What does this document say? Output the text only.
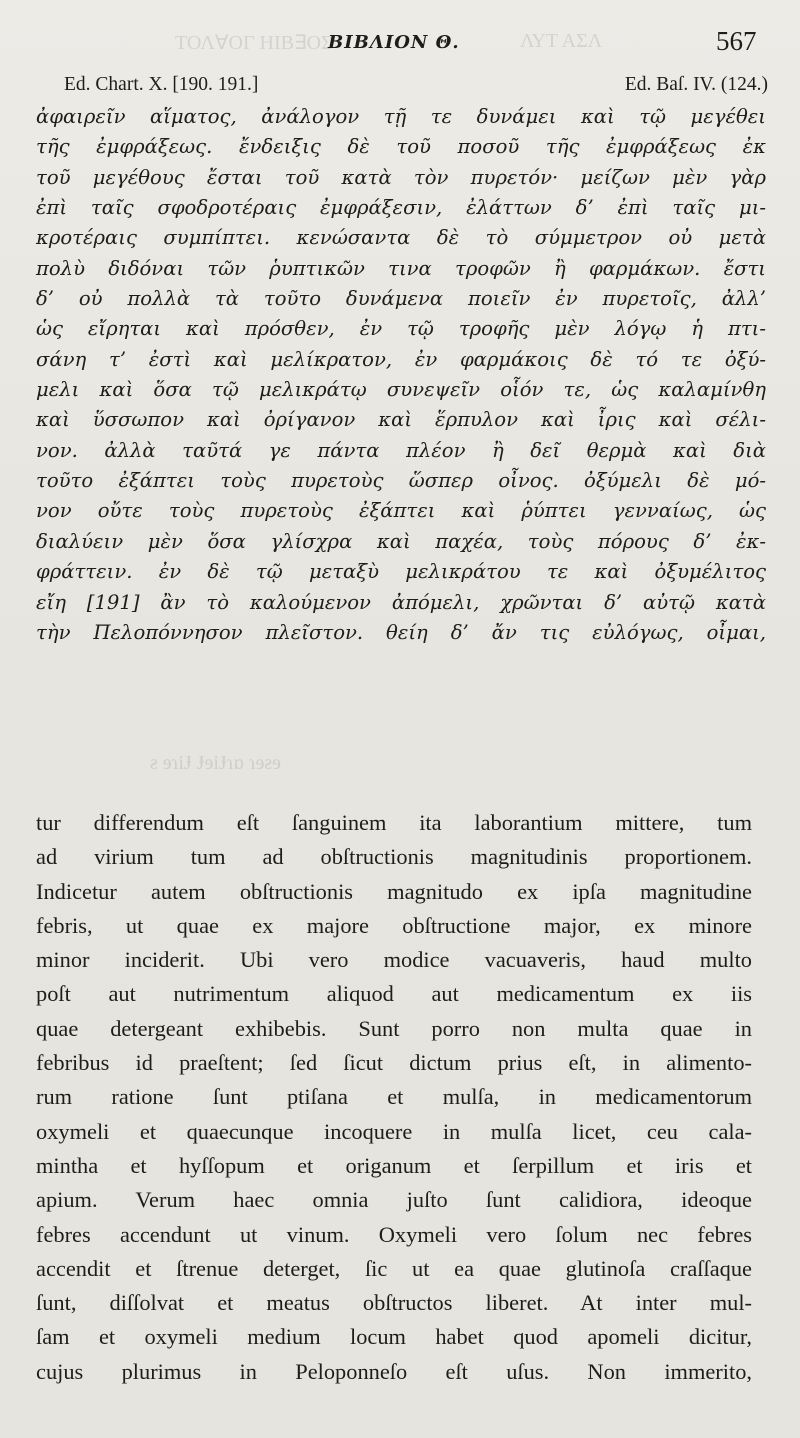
ΤΟΛ∀ΟΓ ΗΙΒ∃ΟΣ	ΛΥΤ ΑΣΛ
ƨ ɘɿiɈ ɈɘiɈɿɒ ɿɘƨɘ
ΒΙΒΛΙΟΝ Θ.	567
Ed. Chart. X. [190. 191.]	Ed. Baſ. IV. (124.)
ἀφαιρεῖν αἵματος, ἀνάλογον τῇ τε δυνάμει καὶ τῷ μεγέθει
τῆς ἐμφράξεως. ἔνδειξις δὲ τοῦ ποσοῦ τῆς ἐμφράξεως ἐκ
τοῦ μεγέθους ἔσται τοῦ κατὰ τὸν πυρετόν· μείζων μὲν γὰρ
ἐπὶ ταῖς σφοδροτέραις ἐμφράξεσιν, ἐλάττων δ’ ἐπὶ ταῖς μι-
κροτέραις συμπίπτει. κενώσαντα δὲ τὸ σύμμετρον οὐ μετὰ
πολὺ διδόναι τῶν ῥυπτικῶν τινα τροφῶν ἢ φαρμάκων. ἔστι
δ’ οὐ πολλὰ τὰ τοῦτο δυνάμενα ποιεῖν ἐν πυρετοῖς, ἀλλ’
ὡς εἴρηται καὶ πρόσθεν, ἐν τῷ τροφῆς μὲν λόγῳ ἡ πτι-
σάνη τ’ ἐστὶ καὶ μελίκρατον, ἐν φαρμάκοις δὲ τό τε ὀξύ-
μελι καὶ ὅσα τῷ μελικράτῳ συνεψεῖν οἷόν τε, ὡς καλαμίνθη
καὶ ὕσσωπον καὶ ὀρίγανον καὶ ἕρπυλον καὶ ἶρις καὶ σέλι-
νον. ἀλλὰ ταῦτά γε πάντα πλέον ἢ δεῖ θερμὰ καὶ διὰ
τοῦτο ἐξάπτει τοὺς πυρετοὺς ὥσπερ οἶνος. ὀξύμελι δὲ μό-
νον οὔτε τοὺς πυρετοὺς ἐξάπτει καὶ ῥύπτει γενναίως, ὡς
διαλύειν μὲν ὅσα γλίσχρα καὶ παχέα, τοὺς πόρους δ’ ἐκ-
φράττειν. ἐν δὲ τῷ μεταξὺ μελικράτου τε καὶ ὀξυμέλιτος
εἴη [191] ἂν τὸ καλούμενον ἀπόμελι, χρῶνται δ’ αὐτῷ κατὰ
τὴν Πελοπόννησον πλεῖστον. θείη δ’ ἄν τις εὐλόγως, οἶμαι,
tur differendum eſt ſanguinem ita laborantium mittere, tum
ad virium tum ad obſtructionis magnitudinis proportionem.
Indicetur autem obſtructionis magnitudo ex ipſa magnitudine
febris, ut quae ex majore obſtructione major, ex minore
minor inciderit. Ubi vero modice vacuaveris, haud multo
poſt aut nutrimentum aliquod aut medicamentum ex iis
quae detergeant exhibebis. Sunt porro non multa quae in
febribus id praeſtent; ſed ſicut dictum prius eſt, in alimento-
rum ratione ſunt ptiſana et mulſa, in medicamentorum
oxymeli et quaecunque incoquere in mulſa licet, ceu cala-
mintha et hyſſopum et origanum et ſerpillum et iris et
apium. Verum haec omnia juſto ſunt calidiora, ideoque
febres accendunt ut vinum. Oxymeli vero ſolum nec febres
accendit et ſtrenue deterget, ſic ut ea quae glutinoſa craſſaque
ſunt, diſſolvat et meatus obſtructos liberet. At inter mul-
ſam et oxymeli medium locum habet quod apomeli dicitur,
cujus plurimus in Peloponneſo eſt uſus. Non immerito,
